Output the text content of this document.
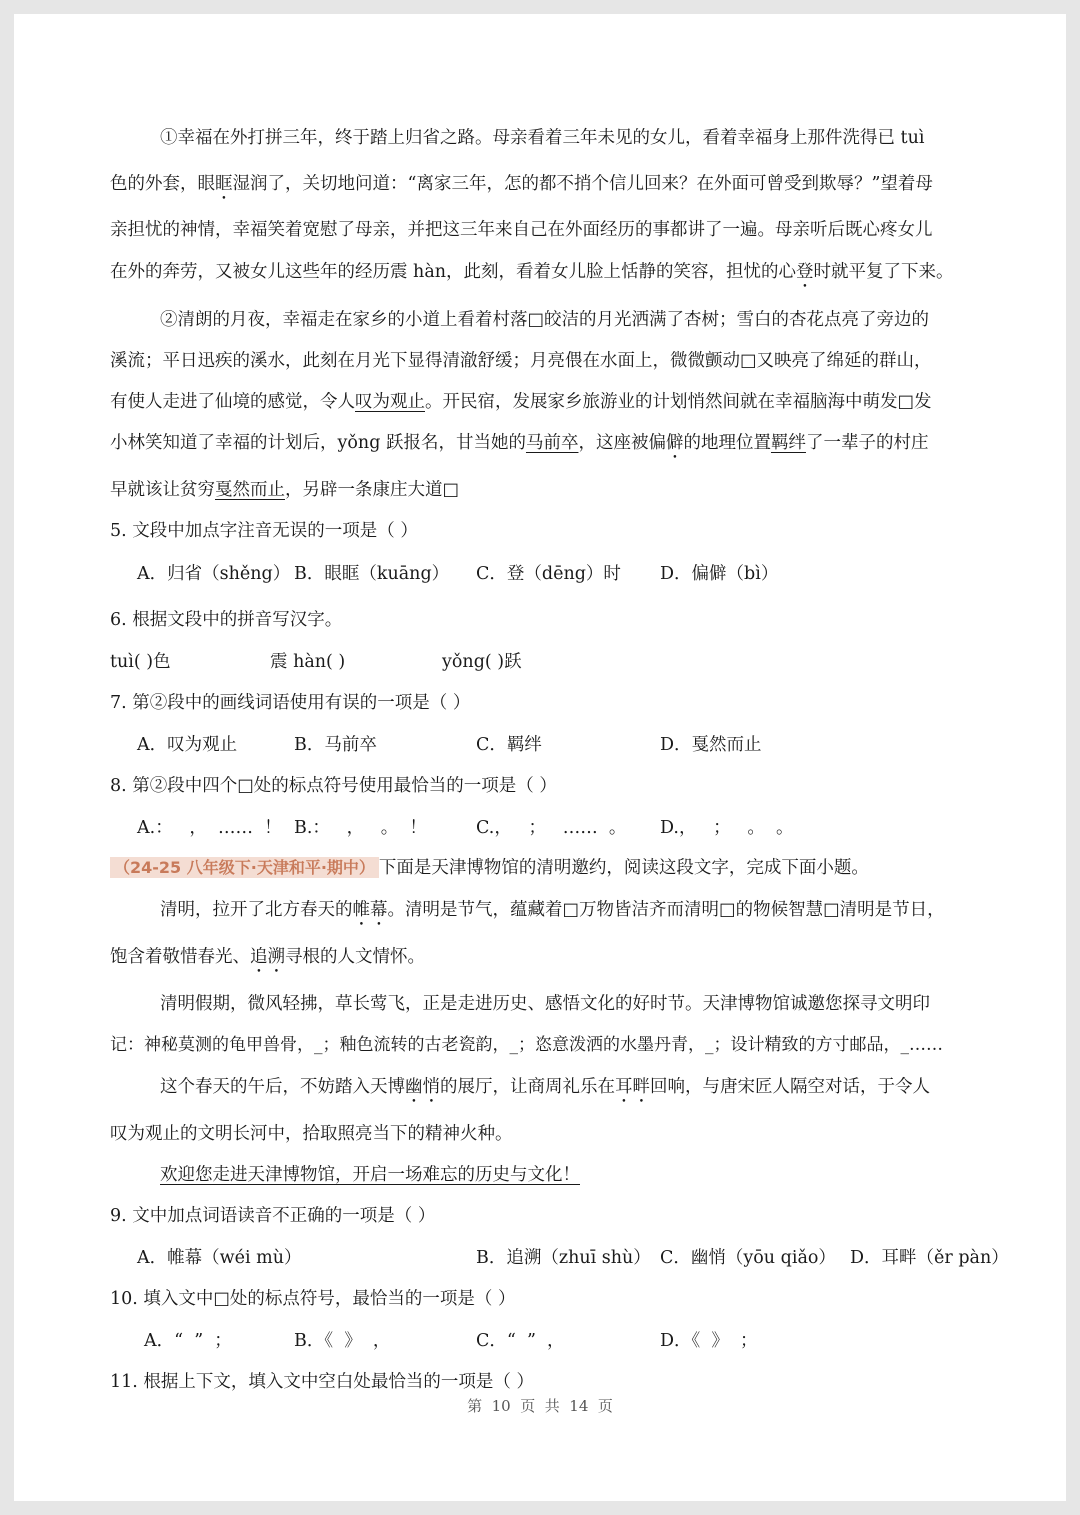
①幸福在外打拼三年，终于踏上归省之路。母亲看着三年未见的女儿，看着幸福身上那件洗得已 tuì
色的外套，眼眶湿润了，关切地问道：“离家三年，怎的都不捎个信儿回来？在外面可曾受到欺辱？”望着母
亲担忧的神情，幸福笑着宽慰了母亲，并把这三年来自己在外面经历的事都讲了一遍。母亲听后既心疼女儿
在外的奔劳，又被女儿这些年的经历震 hàn，此刻，看着女儿脸上恬静的笑容，担忧的心登时就平复了下来。
②清朗的月夜，幸福走在家乡的小道上看着村落□皎洁的月光洒满了杏树；雪白的杏花点亮了旁边的
溪流；平日迅疾的溪水，此刻在月光下显得清澈舒缓；月亮偎在水面上，微微颤动□又映亮了绵延的群山，
有使人走进了仙境的感觉，令人叹为观止。开民宿，发展家乡旅游业的计划悄然间就在幸福脑海中萌发□发
小林笑知道了幸福的计划后，yǒng 跃报名，甘当她的马前卒，这座被偏僻的地理位置羁绊了一辈子的村庄
早就该让贫穷戛然而止，另辟一条康庄大道□
5. 文段中加点字注音无误的一项是（ ）
A．归省（shěng） B．眼眶（kuāng） C．登（dēng）时 D．偏僻（bì）
6. 根据文段中的拼音写汉字。
tuì( )色	震 hàn( )	yǒng( )跃
7. 第②段中的画线词语使用有误的一项是（ ）
A．叹为观止	B．马前卒	C．羁绊	D．戛然而止
8. 第②段中四个□处的标点符号使用最恰当的一项是（ ）
A.：   ，  ……  ！ B.：   ，   。  ！	C.，   ；   ……  。 D.，   ；   。  。
（24-25 八年级下·天津和平·期中） 下面是天津博物馆的清明邀约，阅读这段文字，完成下面小题。
清明，拉开了北方春天的帷幕。清明是节气，蕴藏着□万物皆洁齐而清明□的物候智慧□清明是节日，
饱含着敬惜春光、追溯寻根的人文情怀。
清明假期，微风轻拂，草长莺飞，正是走进历史、感悟文化的好时节。天津博物馆诚邀您探寻文明印
记：神秘莫测的龟甲兽骨，_；釉色流转的古老瓷韵，_；恣意泼洒的水墨丹青，_；设计精致的方寸邮品，_……
这个春天的午后，不妨踏入天博幽悄的展厅，让商周礼乐在耳畔回响，与唐宋匠人隔空对话，于令人
叹为观止的文明长河中，拾取照亮当下的精神火种。
欢迎您走进天津博物馆，开启一场难忘的历史与文化！
9. 文中加点词语读音不正确的一项是（ ）
A．帷幕（wéi mù）	B．追溯（zhuī shù） C．幽悄（yōu qiǎo） D．耳畔（ěr pàn）
10. 填入文中□处的标点符号，最恰当的一项是（ ）
A．“  ”  ；	B．《  》  ，	C．“  ”  ，	D．《  》  ；
11. 根据上下文，填入文中空白处最恰当的一项是（ ）
第  10  页  共  14  页
